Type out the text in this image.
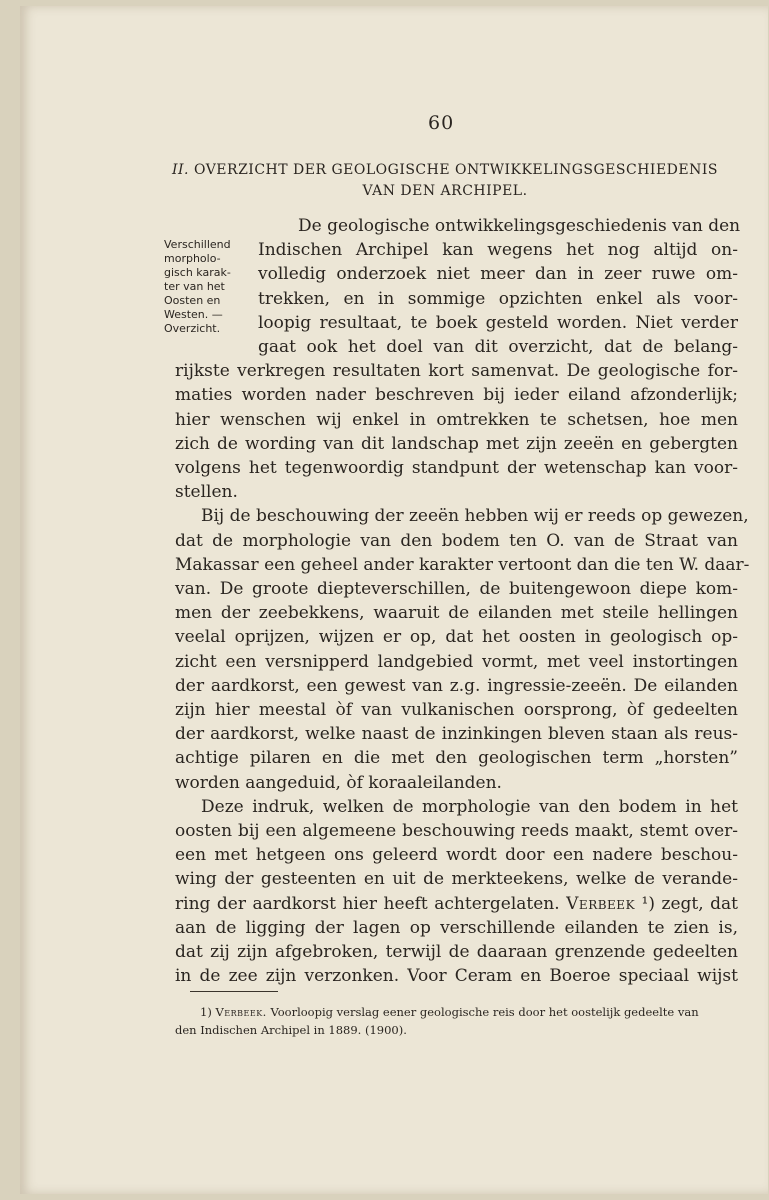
60
II. OVERZICHT DER GEOLOGISCHE ONTWIKKELINGSGESCHIEDENIS
VAN DEN ARCHIPEL.
Verschillend
morpholo-
gisch karak-
ter van het
Oosten en
Westen. —
Overzicht.
De geologische ontwikkelingsgeschiedenis van den
Indischen Archipel kan wegens het nog altijd on-
volledig onderzoek niet meer dan in zeer ruwe om-
trekken, en in sommige opzichten enkel als voor-
loopig resultaat, te boek gesteld worden. Niet verder
gaat ook het doel van dit overzicht, dat de belang-
rijkste verkregen resultaten kort samenvat. De geologische for-
maties worden nader beschreven bij ieder eiland afzonderlijk;
hier wenschen wij enkel in omtrekken te schetsen, hoe men
zich de wording van dit landschap met zijn zeeën en gebergten
volgens het tegenwoordig standpunt der wetenschap kan voor-
stellen.
Bij de beschouwing der zeeën hebben wij er reeds op gewezen,
dat de morphologie van den bodem ten O. van de Straat van
Makassar een geheel ander karakter vertoont dan die ten W. daar-
van. De groote diepteverschillen, de buitengewoon diepe kom-
men der zeebekkens, waaruit de eilanden met steile hellingen
veelal oprijzen, wijzen er op, dat het oosten in geologisch op-
zicht een versnipperd landgebied vormt, met veel instortingen
der aardkorst, een gewest van z.g. ingressie-zeeën. De eilanden
zijn hier meestal òf van vulkanischen oorsprong, òf gedeelten
der aardkorst, welke naast de inzinkingen bleven staan als reus-
achtige pilaren en die met den geologischen term „horsten”
worden aangeduid, òf koraaleilanden.
Deze indruk, welken de morphologie van den bodem in het
oosten bij een algemeene beschouwing reeds maakt, stemt over-
een met hetgeen ons geleerd wordt door een nadere beschou-
wing der gesteenten en uit de merkteekens, welke de verande-
ring der aardkorst hier heeft achtergelaten. Verbeek ¹) zegt, dat
aan de ligging der lagen op verschillende eilanden te zien is,
dat zij zijn afgebroken, terwijl de daaraan grenzende gedeelten
in de zee zijn verzonken. Voor Ceram en Boeroe speciaal wijst
1) Verbeek. Voorloopig verslag eener geologische reis door het oostelijk gedeelte van
den Indischen Archipel in 1889. (1900).
